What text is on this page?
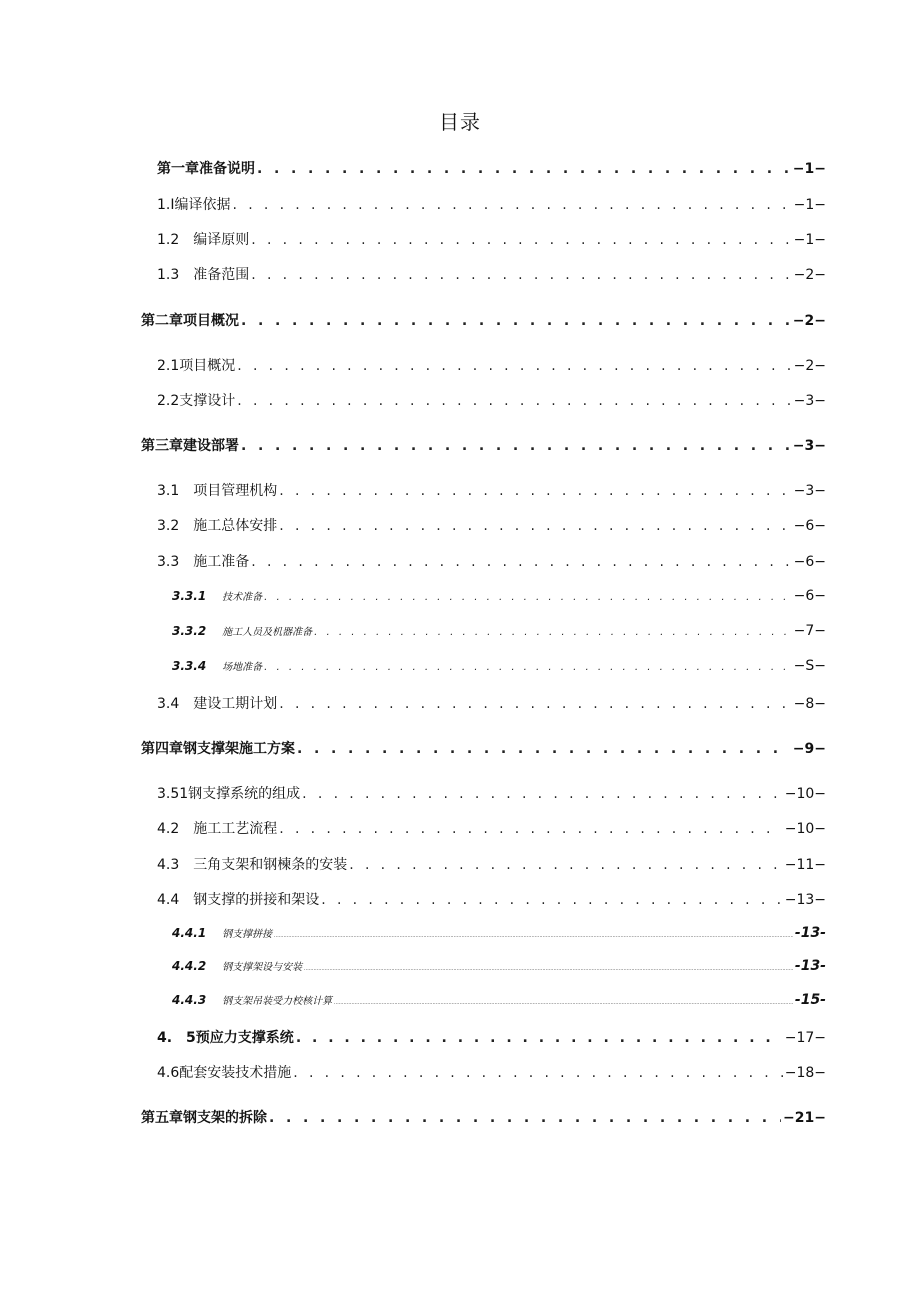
目录
第一章准备说明 . . .	−1−
1.Ⅰ编译依据 . . .	−1−
1.2　编译原则 . . .	−1−
1.3　准备范围 . . .	−2−
第二章项目概况 . . .	−2−
2.1项目概况 . . .	−2−
2.2支撑设计 . . .	−3−
第三章建设部署 . . .	−3−
3.1　项目管理机构 . . .	−3−
3.2　施工总体安排 . . .	−6−
3.3　施工准备 . . .	−6−
3.3.1 技术准备 . . .	−6−
3.3.2 施工人员及机器准备 . . .	−7−
3.3.4 场地准备 . . .	−S−
3.4　建设工期计划 . . .	−8−
第四章钢支撑架施工方案 . . .	−9−
3.51钢支撑系统的组成 . . .	−10−
4.2　施工工艺流程 . . .	−10−
4.3　三角支架和钢楝条的安装 . . .	−11−
4.4　钢支撑的拼接和架设 . . .	−13−
4.4.1 钢支撑拼接 .....	-13-
4.4.2 钢支撑架设与安装 .....	-13-
4.4.3 钢支架吊装受力校核计算 .....	-15-
4.　5预应力支撑系统 . . .	−17−
4.6配套安装技术措施 . . .	−18−
第五章钢支架的拆除 . . .	−21−
